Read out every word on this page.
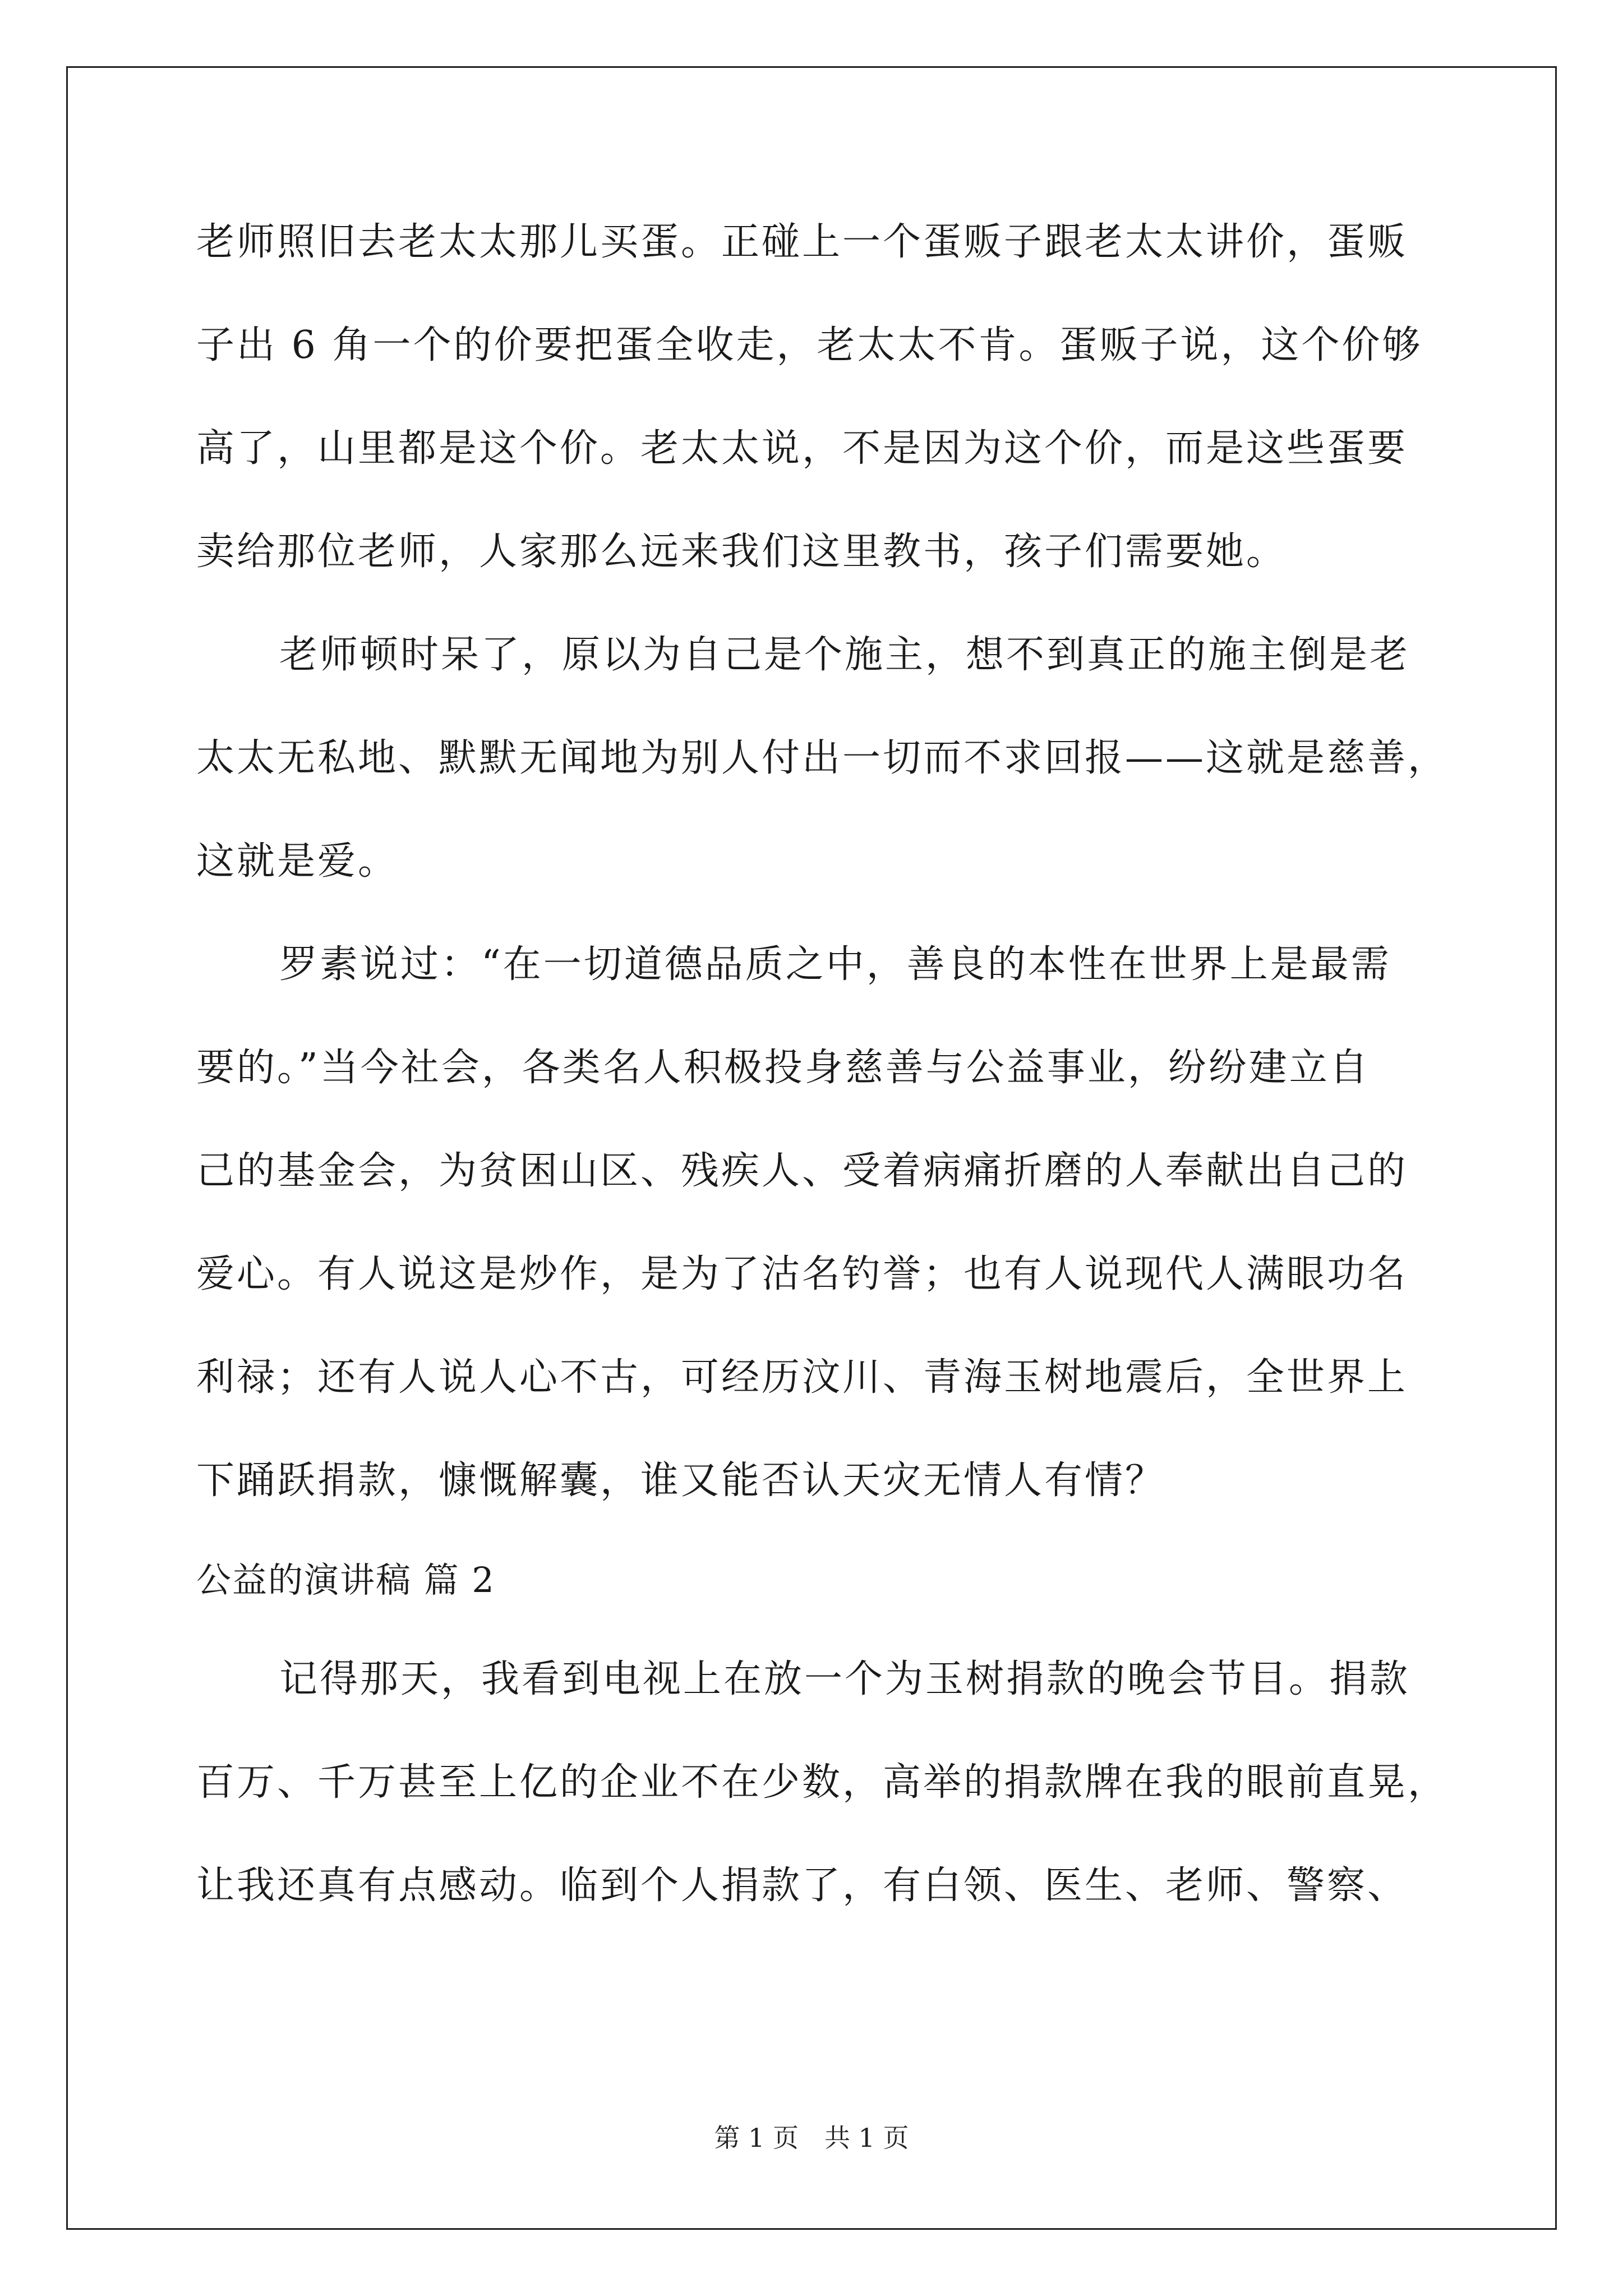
老师照旧去老太太那儿买蛋。正碰上一个蛋贩子跟老太太讲价，蛋贩
子出 6 角一个的价要把蛋全收走，老太太不肯。蛋贩子说，这个价够
高了，山里都是这个价。老太太说，不是因为这个价，而是这些蛋要
卖给那位老师，人家那么远来我们这里教书，孩子们需要她。
老师顿时呆了，原以为自己是个施主，想不到真正的施主倒是老
太太无私地、默默无闻地为别人付出一切而不求回报——这就是慈善，
这就是爱。
罗素说过：“在一切道德品质之中，善良的本性在世界上是最需
要的。”当今社会，各类名人积极投身慈善与公益事业，纷纷建立自
己的基金会，为贫困山区、残疾人、受着病痛折磨的人奉献出自己的
爱心。有人说这是炒作，是为了沽名钓誉；也有人说现代人满眼功名
利禄；还有人说人心不古，可经历汶川、青海玉树地震后，全世界上
下踊跃捐款，慷慨解囊，谁又能否认天灾无情人有情？
公益的演讲稿 篇 2
记得那天，我看到电视上在放一个为玉树捐款的晚会节目。捐款
百万、千万甚至上亿的企业不在少数，高举的捐款牌在我的眼前直晃，
让我还真有点感动。临到个人捐款了，有白领、医生、老师、警察、
第 1 页　共 1 页
